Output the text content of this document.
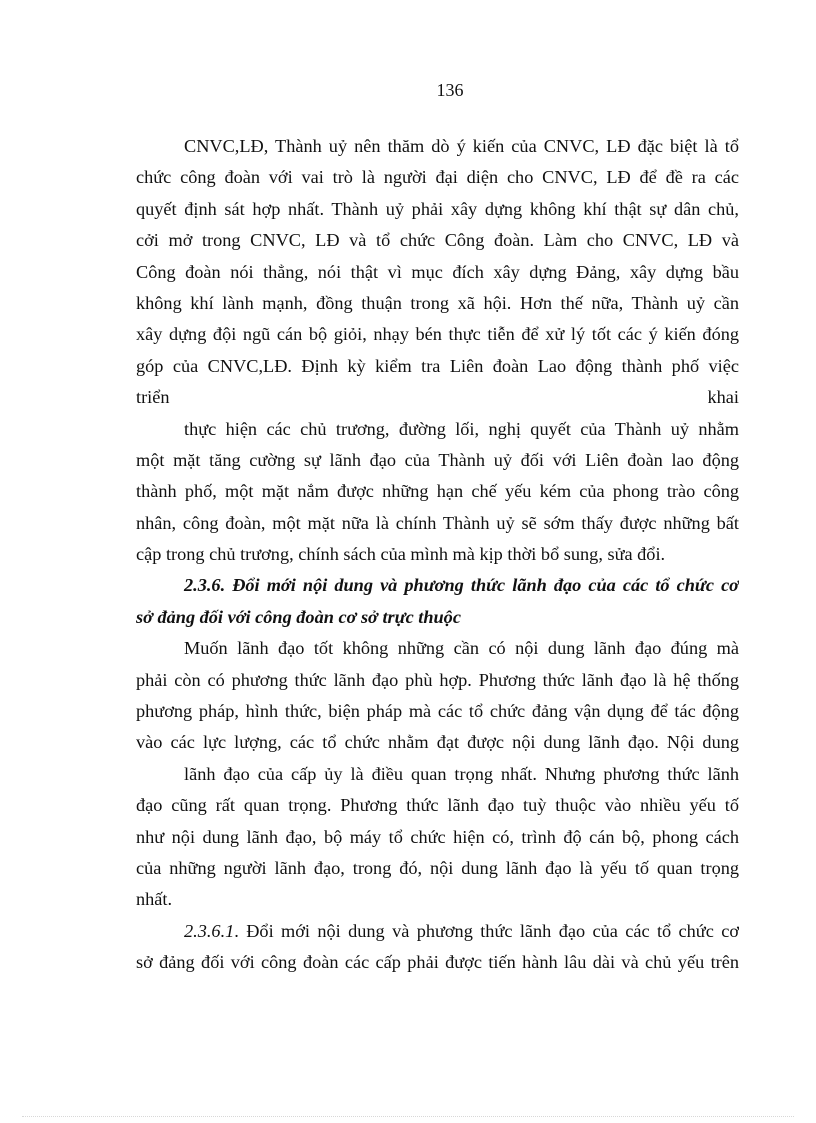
136
CNVC,LĐ, Thành uỷ nên thăm dò ý kiến của CNVC, LĐ đặc biệt là tổ
chức công đoàn với vai trò là người đại diện cho CNVC, LĐ để đề ra các
quyết định sát hợp nhất. Thành uỷ phải xây dựng không khí thật sự dân chủ,
cởi mở trong CNVC, LĐ và tổ chức Công đoàn. Làm cho CNVC, LĐ và
Công đoàn nói thẳng, nói thật vì mục đích xây dựng Đảng, xây dựng bầu
không khí lành mạnh, đồng thuận trong xã hội. Hơn thế nữa, Thành uỷ cần
xây dựng đội ngũ cán bộ giỏi, nhạy bén thực tiễn để xử lý tốt các ý kiến đóng
góp của CNVC,LĐ. Định kỳ kiểm tra Liên đoàn Lao động thành phố việc
triển	khai
thực hiện các chủ trương, đường lối, nghị quyết của Thành uỷ nhằm
một mặt tăng cường sự lãnh đạo của Thành uỷ đối với Liên đoàn lao động
thành phố, một mặt nắm được những hạn chế yếu kém của phong trào công
nhân, công đoàn, một mặt nữa là chính Thành uỷ sẽ sớm thấy được những bất
cập trong chủ trương, chính sách của mình mà kịp thời bổ sung, sửa đổi.
2.3.6. Đổi mới nội dung và phương thức lãnh đạo của các tổ chức cơ
sở đảng đối với công đoàn cơ sở trực thuộc
Muốn lãnh đạo tốt không những cần có nội dung lãnh đạo đúng mà
phải còn có phương thức lãnh đạo phù hợp. Phương thức lãnh đạo là hệ thống
phương pháp, hình thức, biện pháp mà các tổ chức đảng vận dụng để tác động
vào các lực lượng, các tổ chức nhằm đạt được nội dung lãnh đạo. Nội dung
lãnh đạo của cấp ủy là điều quan trọng nhất. Nhưng phương thức lãnh
đạo cũng rất quan trọng. Phương thức lãnh đạo tuỳ thuộc vào nhiều yếu tố
như nội dung lãnh đạo, bộ máy tổ chức hiện có, trình độ cán bộ, phong cách
của những người lãnh đạo, trong đó, nội dung lãnh đạo là yếu tố quan trọng
nhất.
2.3.6.1. Đổi mới nội dung và phương thức lãnh đạo của các tổ chức cơ
sở đảng đối với công đoàn các cấp phải được tiến hành lâu dài và chủ yếu trên
